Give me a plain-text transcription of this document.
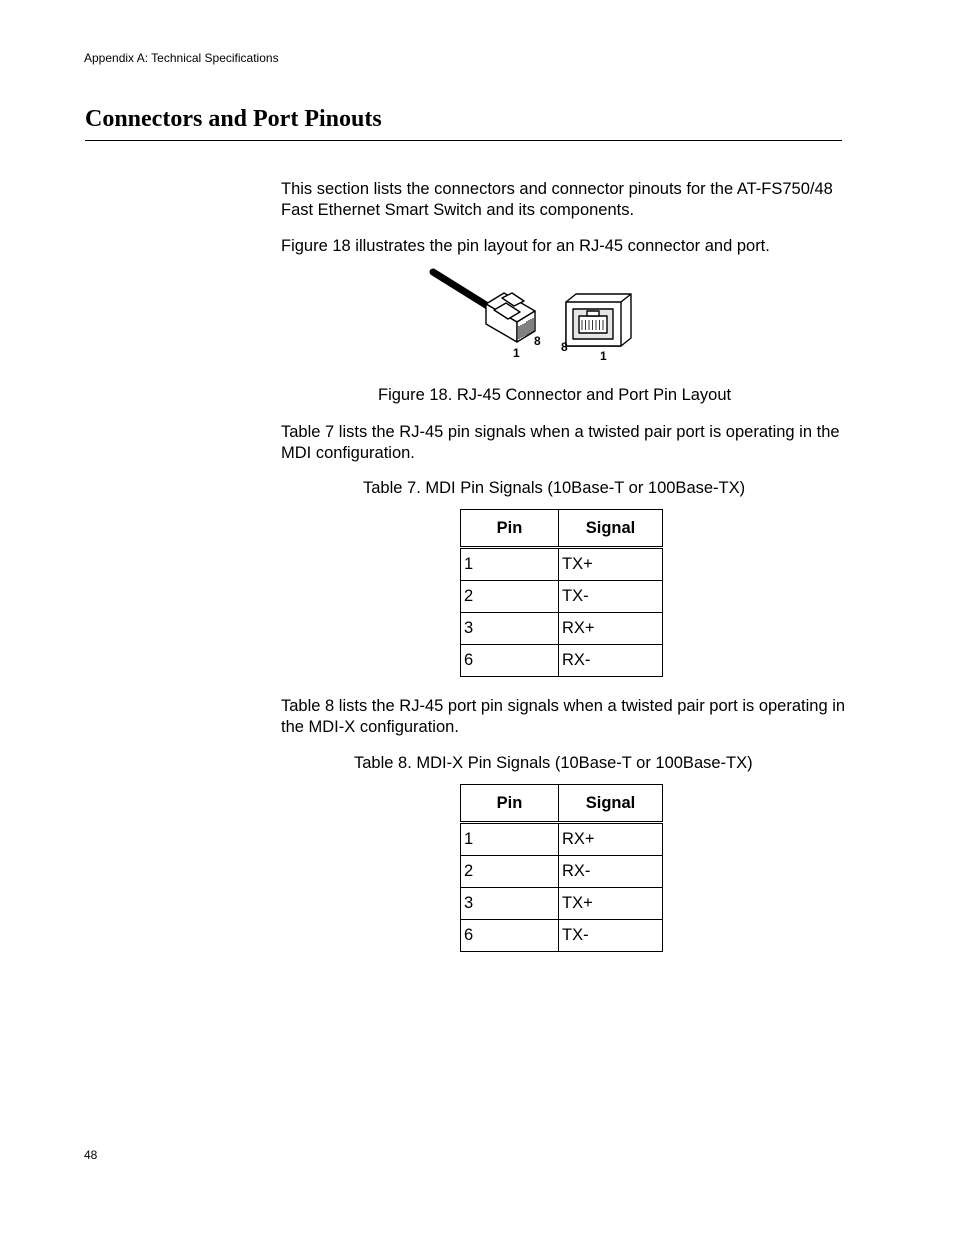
Appendix A: Technical Specifications
Connectors and Port Pinouts

This section lists the connectors and connector pinouts for the AT-FS750/48 Fast Ethernet Smart Switch and its components.

Figure 18 illustrates the pin layout for an RJ-45 connector and port.

1
8 8
1
Figure 18. RJ-45 Connector and Port Pin Layout

Table 7 lists the RJ-45 pin signals when a twisted pair port is operating in the MDI configuration.

Table 7. MDI Pin Signals (10Base-T or 100Base-TX)
Pin	Signal
1	TX+
2	TX-
3	RX+
6	RX-

Table 8 lists the RJ-45 port pin signals when a twisted pair port is operating in the MDI-X configuration.

Table 8. MDI-X Pin Signals (10Base-T or 100Base-TX)
Pin	Signal
1	RX+
2	RX-
3	TX+
6	TX-
48
